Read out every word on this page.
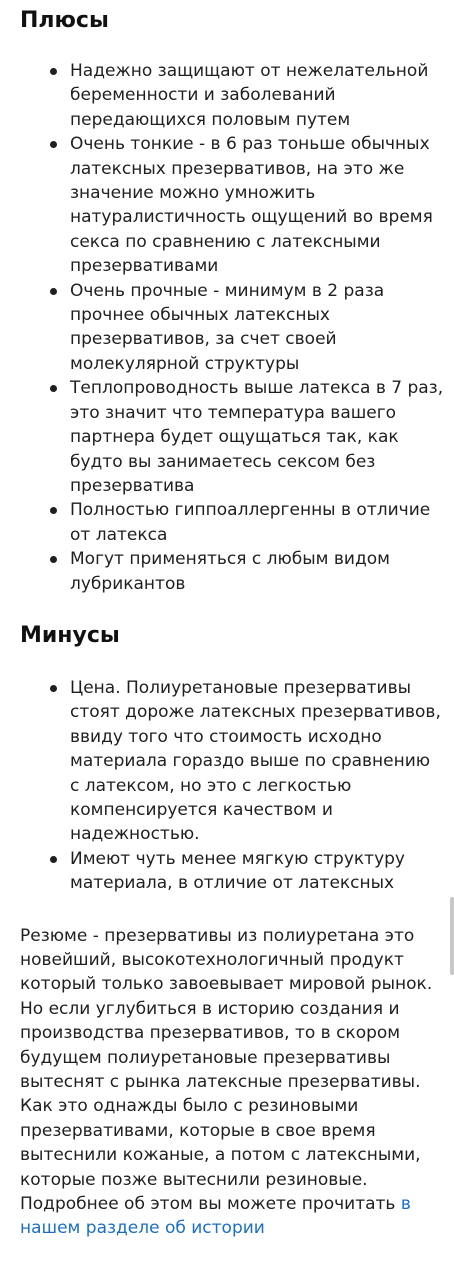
Плюсы
Надежно защищают от нежелательной беременности и заболеваний передающихся половым путем
Очень тонкие - в 6 раз тоньше обычных латексных презервативов, на это же значение можно умножить натуралистичность ощущений во время секса по сравнению с латексными презервативами
Очень прочные - минимум в 2 раза прочнее обычных латексных презервативов, за счет своей молекулярной структуры
Теплопроводность выше латекса в 7 раз, это значит что температура вашего партнера будет ощущаться так, как будто вы занимаетесь сексом без презерватива
Полностью гиппоаллергенны в отличие от латекса
Могут применяться с любым видом лубрикантов
Минусы
Цена. Полиуретановые презервативы стоят дороже латексных презервативов, ввиду того что стоимость исходно материала гораздо выше по сравнению с латексом, но это с легкостью компенсируется качеством и надежностью.
Имеют чуть менее мягкую структуру материала, в отличие от латексных

Резюме - презервативы из полиуретана это новейший, высокотехнологичный продукт который только завоевывает мировой рынок. Но если углубиться в историю создания и производства презервативов, то в скором будущем полиуретановые презервативы вытеснят с рынка латексные презервативы. Как это однажды было с резиновыми презервативами, которые в свое время вытеснили кожаные, а потом с латексными, которые позже вытеснили резиновые. Подробнее об этом вы можете прочитать в нашем разделе об истории
